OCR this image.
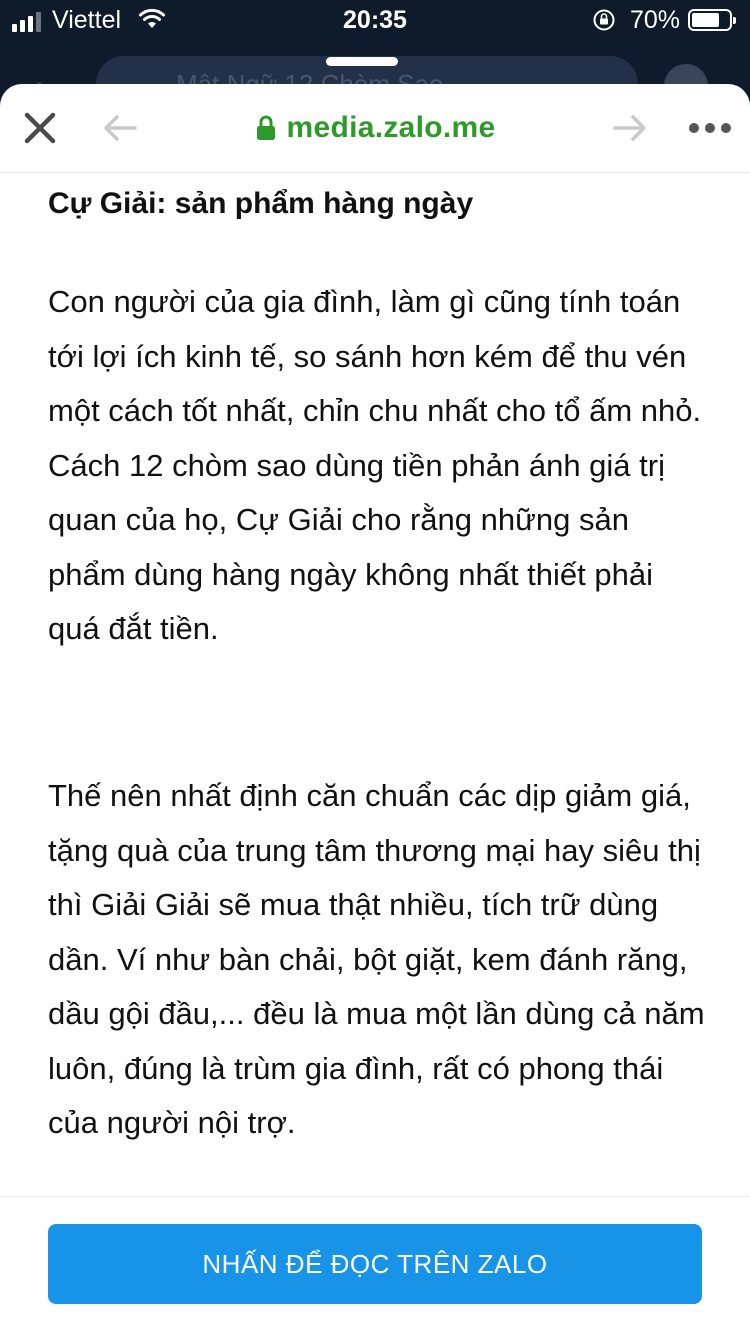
Viettel	20:35	70%
media.zalo.me
Cự Giải: sản phẩm hàng ngày

Con người của gia đình, làm gì cũng tính toán tới lợi ích kinh tế, so sánh hơn kém để thu vén một cách tốt nhất, chỉn chu nhất cho tổ ấm nhỏ. Cách 12 chòm sao dùng tiền phản ánh giá trị quan của họ, Cự Giải cho rằng những sản phẩm dùng hàng ngày không nhất thiết phải quá đắt tiền.

Thế nên nhất định căn chuẩn các dịp giảm giá, tặng quà của trung tâm thương mại hay siêu thị thì Giải Giải sẽ mua thật nhiều, tích trữ dùng dần. Ví như bàn chải, bột giặt, kem đánh răng, dầu gội đầu,... đều là mua một lần dùng cả năm luôn, đúng là trùm gia đình, rất có phong thái của người nội trợ.

NHẤN ĐỂ ĐỌC TRÊN ZALO
